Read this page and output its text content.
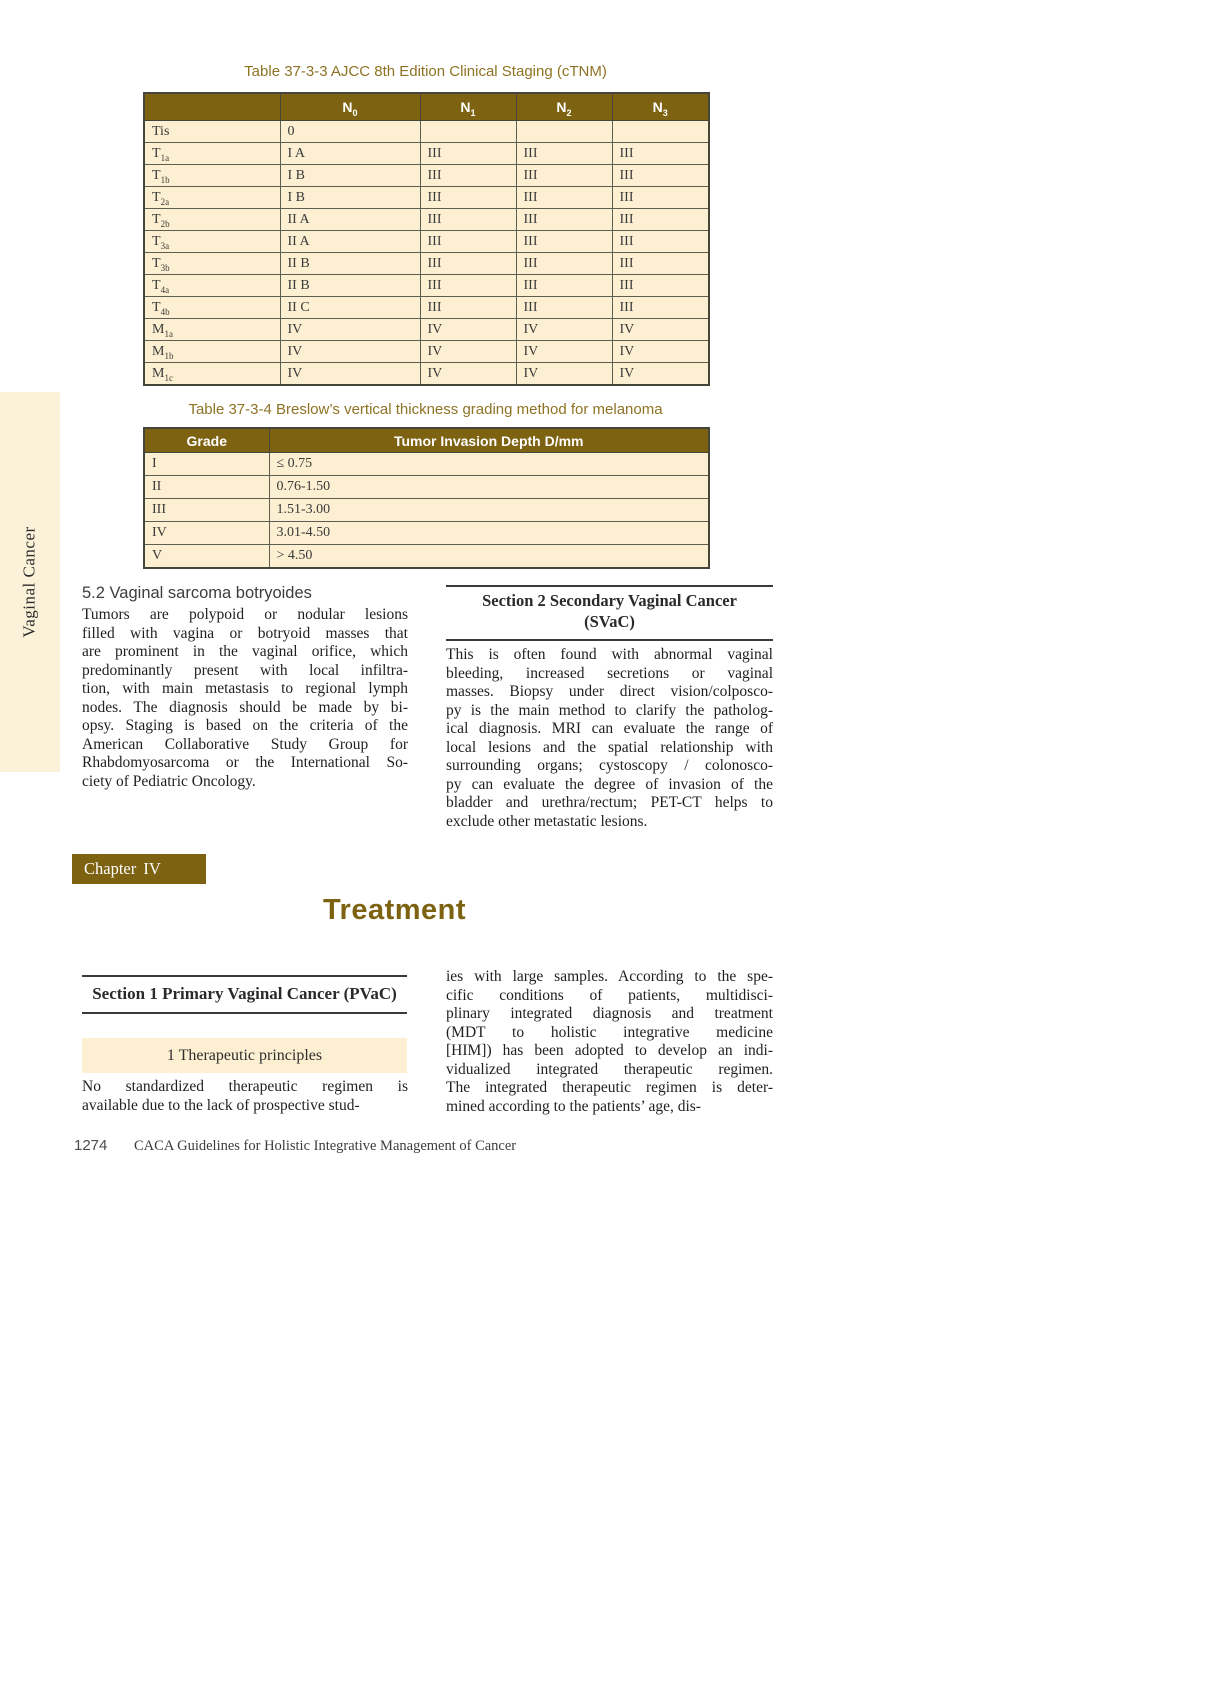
Table 37-3-3 AJCC 8th Edition Clinical Staging (cTNM)
	$N_0$	$N_1$	$N_2$	$N_3$
Tis	0			
$T_{1a}$	I A	III	III	III
$T_{1b}$	I B	III	III	III
$T_{2a}$	I B	III	III	III
$T_{2b}$	II A	III	III	III
$T_{3a}$	II A	III	III	III
$T_{3b}$	II B	III	III	III
$T_{4a}$	II B	III	III	III
$T_{4b}$	II C	III	III	III
$M_{1a}$	IV	IV	IV	IV
$M_{1b}$	IV	IV	IV	IV
$M_{1c}$	IV	IV	IV	IV
Table 37-3-4 Breslow’s vertical thickness grading method for melanoma
Grade	Tumor Invasion Depth D/mm
I	≤ 0.75
II	0.76-1.50
III	1.51-3.00
IV	3.01-4.50
V	> 4.50
Vaginal Cancer	5.2 Vaginal sarcoma botryoides
Tumors are polypoid or nodular lesions
filled with vagina or botryoid masses that
are prominent in the vaginal orifice, which
predominantly present with local infiltra-
tion, with main metastasis to regional lymph
nodes. The diagnosis should be made by bi-
opsy. Staging is based on the criteria of the
American Collaborative Study Group for
Rhabdomyosarcoma or the International So-
ciety of Pediatric Oncology.
Section 2 Secondary Vaginal Cancer
(SVaC)
This is often found with abnormal vaginal
bleeding, increased secretions or vaginal
masses. Biopsy under direct vision/colposco-
py is the main method to clarify the patholog-
ical diagnosis. MRI can evaluate the range of
local lesions and the spatial relationship with
surrounding organs; cystoscopy / colonosco-
py can evaluate the degree of invasion of the
bladder and urethra/rectum; PET-CT helps to
exclude other metastatic lesions.
Chapter IV
Treatment
Section 1 Primary Vaginal Cancer (PVaC)
1 Therapeutic principles
No standardized therapeutic regimen is
available due to the lack of prospective stud-
ies with large samples. According to the spe-
cific conditions of patients, multidisci-
plinary integrated diagnosis and treatment
(MDT to holistic integrative medicine
[HIM]) has been adopted to develop an indi-
vidualized integrated therapeutic regimen.
The integrated therapeutic regimen is deter-
mined according to the patients’ age, dis-
1274 CACA Guidelines for Holistic Integrative Management of Cancer
